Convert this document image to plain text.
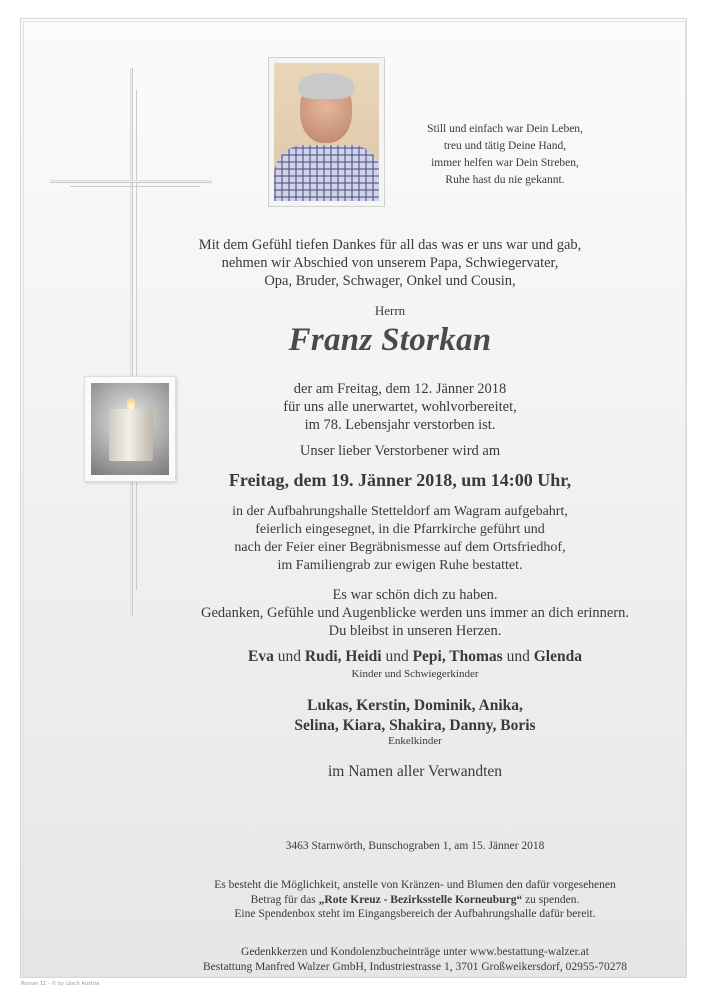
Still und einfach war Dein Leben,
treu und tätig Deine Hand,
immer helfen war Dein Streben,
Ruhe hast du nie gekannt.
Mit dem Gefühl tiefen Dankes für all das was er uns war und gab,
nehmen wir Abschied von unserem Papa, Schwiegervater,
Opa, Bruder, Schwager, Onkel und Cousin,
Herrn
Franz Storkan
der am Freitag, dem 12. Jänner 2018
für uns alle unerwartet, wohlvorbereitet,
im 78. Lebensjahr verstorben ist.
Unser lieber Verstorbener wird am
Freitag, dem 19. Jänner 2018, um 14:00 Uhr,
in der Aufbahrungshalle Stetteldorf am Wagram aufgebahrt,
feierlich eingesegnet, in die Pfarrkirche geführt und
nach der Feier einer Begräbnismesse auf dem Ortsfriedhof,
im Familiengrab zur ewigen Ruhe bestattet.
Es war schön dich zu haben.
Gedanken, Gefühle und Augenblicke werden uns immer an dich erinnern.
Du bleibst in unseren Herzen.
Eva und Rudi, Heidi und Pepi, Thomas und Glenda
Kinder und Schwiegerkinder
Lukas, Kerstin, Dominik, Anika,
Selina, Kiara, Shakira, Danny, Boris
Enkelkinder
im Namen aller Verwandten
3463 Starnwörth, Bunschograben 1, am 15. Jänner 2018
Es besteht die Möglichkeit, anstelle von Kränzen- und Blumen den dafür vorgesehenen
Betrag für das „Rote Kreuz - Bezirksstelle Korneuburg“ zu spenden.
Eine Spendenbox steht im Eingangsbereich der Aufbahrungshalle dafür bereit.
Gedenkkerzen und Kondolenzbucheinträge unter www.bestattung-walzer.at
Bestattung Manfred Walzer GmbH, Industriestrasse 1, 3701 Großweikersdorf, 02955-70278
Roman 11 - © by Lösch Austria
